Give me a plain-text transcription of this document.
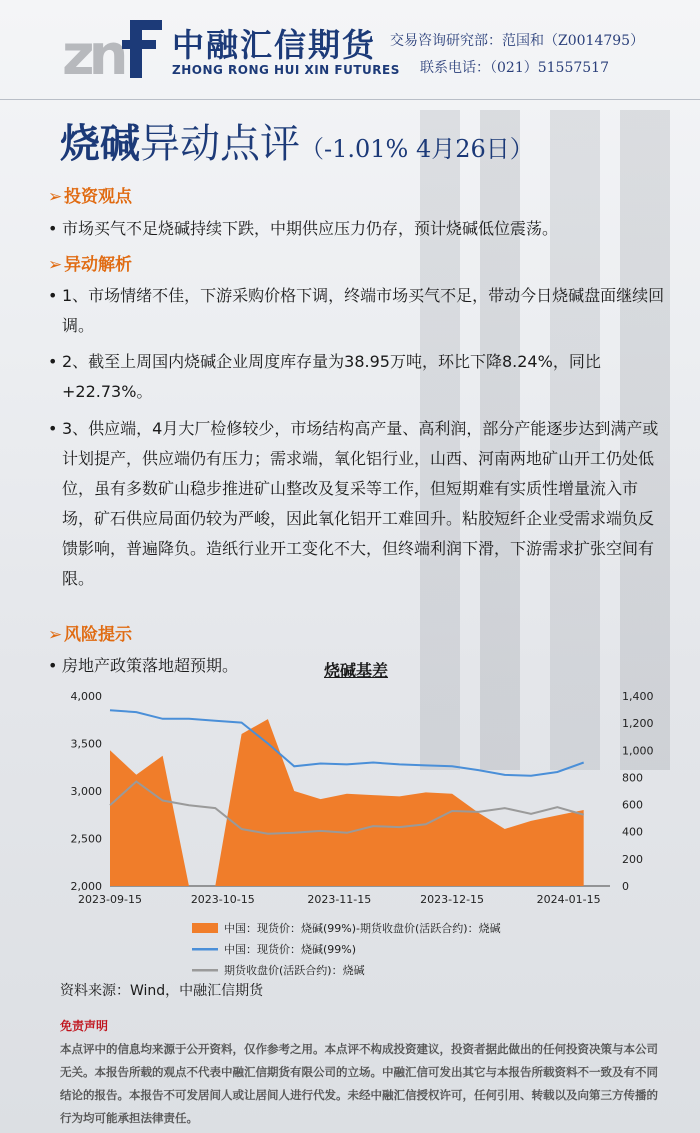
zn 中融汇信期货
ZHONG RONG HUI XIN FUTURES
交易咨询研究部：范国和（Z0014795）
联系电话：（021）51557517
烧碱异动点评（-1.01% 4月26日）
➢ 投资观点
• 市场买气不足烧碱持续下跌，中期供应压力仍存，预计烧碱低位震荡。
➢ 异动解析
• 1、市场情绪不佳，下游采购价格下调，终端市场买气不足，带动今日烧碱盘面继续回调。
• 2、截至上周国内烧碱企业周度库存量为38.95万吨，环比下降8.24%，同比+22.73%。
• 3、供应端，4月大厂检修较少，市场结构高产量、高利润，部分产能逐步达到满产或计划提产，供应端仍有压力；需求端，氧化铝行业，山西、河南两地矿山开工仍处低位，虽有多数矿山稳步推进矿山整改及复采等工作，但短期难有实质性增量流入市场，矿石供应局面仍较为严峻，因此氧化铝开工难回升。粘胶短纤企业受需求端负反馈影响，普遍降负。造纸行业开工变化不大，但终端利润下滑，下游需求扩张空间有限。
➢ 风险提示
• 房地产政策落地超预期。	烧碱基差
4,000
3,500
3,000
2,500
2,000
1,400
1,200
1,000
800
600
400
200
0
2023-09-15	2023-10-15	2023-11-15	2023-12-15	2024-01-15
中国：现货价：烧碱(99%)-期货收盘价(活跃合约)：烧碱
中国：现货价：烧碱(99%)
期货收盘价(活跃合约)：烧碱
资料来源：Wind，中融汇信期货
免责声明
本点评中的信息均来源于公开资料，仅作参考之用。本点评不构成投资建议，投资者据此做出的任何投资决策与本公司无关。本报告所载的观点不代表中融汇信期货有限公司的立场。中融汇信可发出其它与本报告所载资料不一致及有不同结论的报告。本报告不可发居间人或让居间人进行代发。未经中融汇信授权许可，任何引用、转载以及向第三方传播的行为均可能承担法律责任。
